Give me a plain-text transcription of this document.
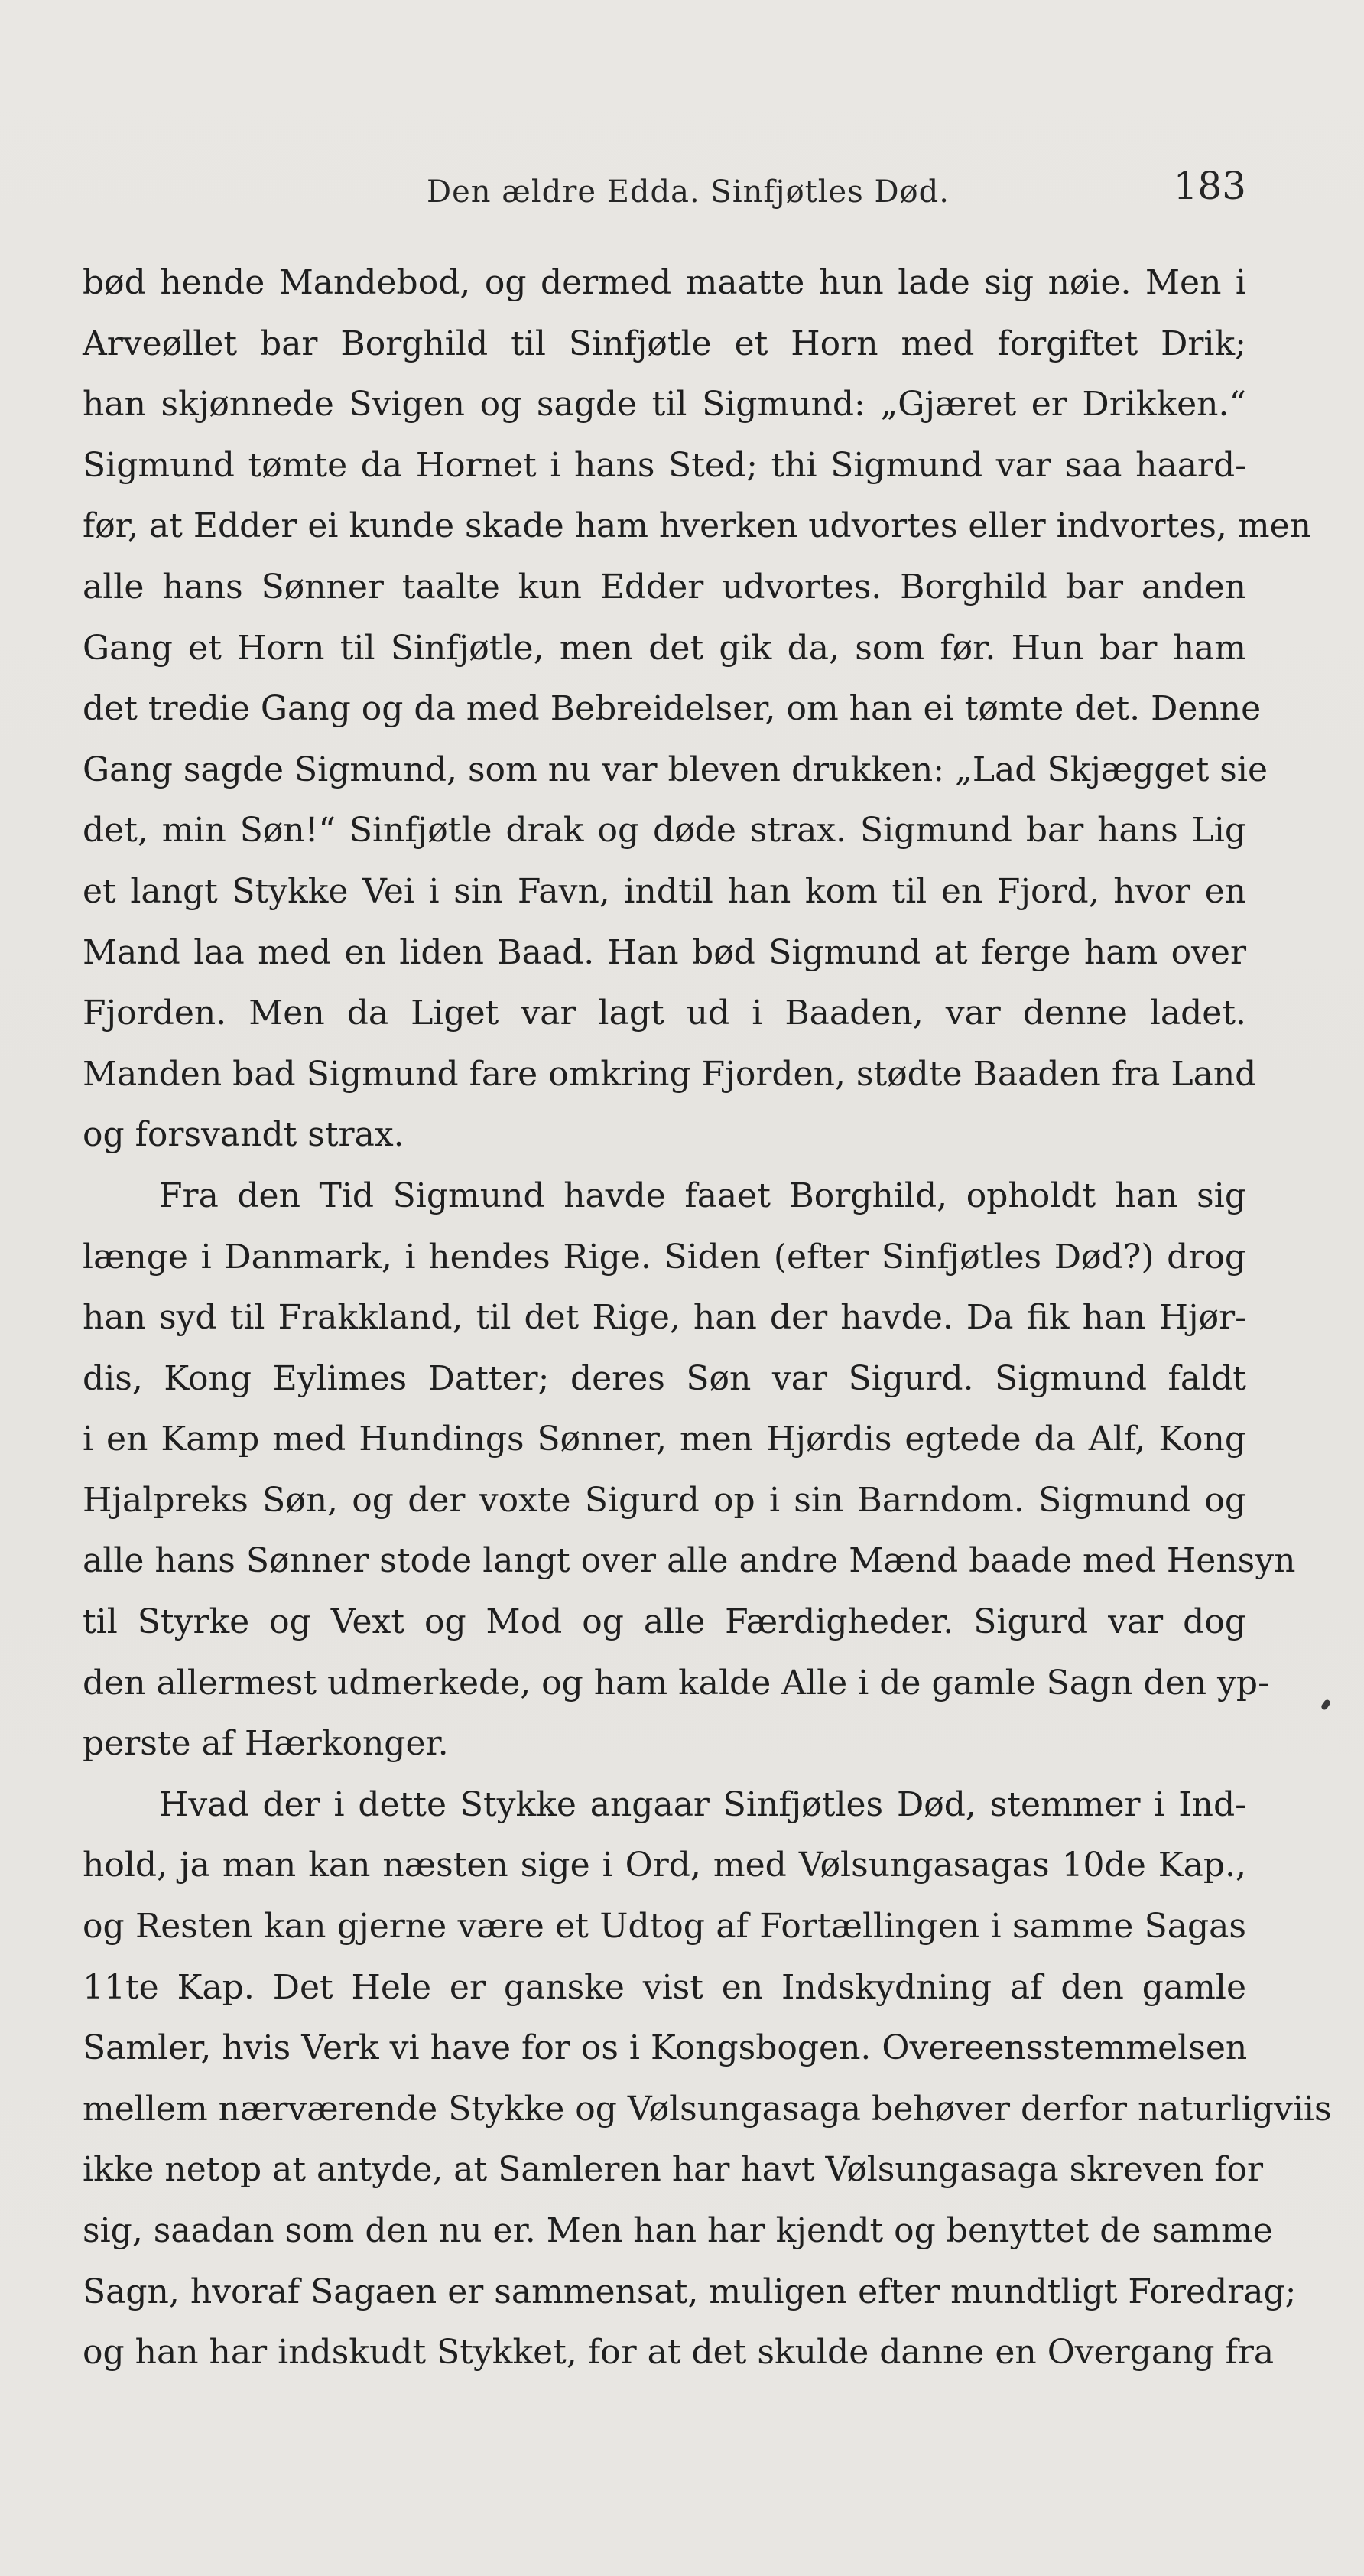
Den ældre Edda. Sinfjøtles Død.	183
bød hende Mandebod, og dermed maatte hun lade sig nøie. Men i
Arveøllet bar Borghild til Sinfjøtle et Horn med forgiftet Drik;
han skjønnede Svigen og sagde til Sigmund: „Gjæret er Drikken.“
Sigmund tømte da Hornet i hans Sted; thi Sigmund var saa haard-
før, at Edder ei kunde skade ham hverken udvortes eller indvortes, men
alle hans Sønner taalte kun Edder udvortes. Borghild bar anden
Gang et Horn til Sinfjøtle, men det gik da, som før. Hun bar ham
det tredie Gang og da med Bebreidelser, om han ei tømte det. Denne
Gang sagde Sigmund, som nu var bleven drukken: „Lad Skjægget sie
det, min Søn!“ Sinfjøtle drak og døde strax. Sigmund bar hans Lig
et langt Stykke Vei i sin Favn, indtil han kom til en Fjord, hvor en
Mand laa med en liden Baad. Han bød Sigmund at ferge ham over
Fjorden. Men da Liget var lagt ud i Baaden, var denne ladet.
Manden bad Sigmund fare omkring Fjorden, stødte Baaden fra Land
og forsvandt strax.
Fra den Tid Sigmund havde faaet Borghild, opholdt han sig
længe i Danmark, i hendes Rige. Siden (efter Sinfjøtles Død?) drog
han syd til Frakkland, til det Rige, han der havde. Da fik han Hjør-
dis, Kong Eylimes Datter; deres Søn var Sigurd. Sigmund faldt
i en Kamp med Hundings Sønner, men Hjørdis egtede da Alf, Kong
Hjalpreks Søn, og der voxte Sigurd op i sin Barndom. Sigmund og
alle hans Sønner stode langt over alle andre Mænd baade med Hensyn
til Styrke og Vext og Mod og alle Færdigheder. Sigurd var dog
den allermest udmerkede, og ham kalde Alle i de gamle Sagn den yp-
perste af Hærkonger.
Hvad der i dette Stykke angaar Sinfjøtles Død, stemmer i Ind-
hold, ja man kan næsten sige i Ord, med Vølsungasagas 10de Kap.,
og Resten kan gjerne være et Udtog af Fortællingen i samme Sagas
11te Kap. Det Hele er ganske vist en Indskydning af den gamle
Samler, hvis Verk vi have for os i Kongsbogen. Overeensstemmelsen
mellem nærværende Stykke og Vølsungasaga behøver derfor naturligviis
ikke netop at antyde, at Samleren har havt Vølsungasaga skreven for
sig, saadan som den nu er. Men han har kjendt og benyttet de samme
Sagn, hvoraf Sagaen er sammensat, muligen efter mundtligt Foredrag;
og han har indskudt Stykket, for at det skulde danne en Overgang fra
